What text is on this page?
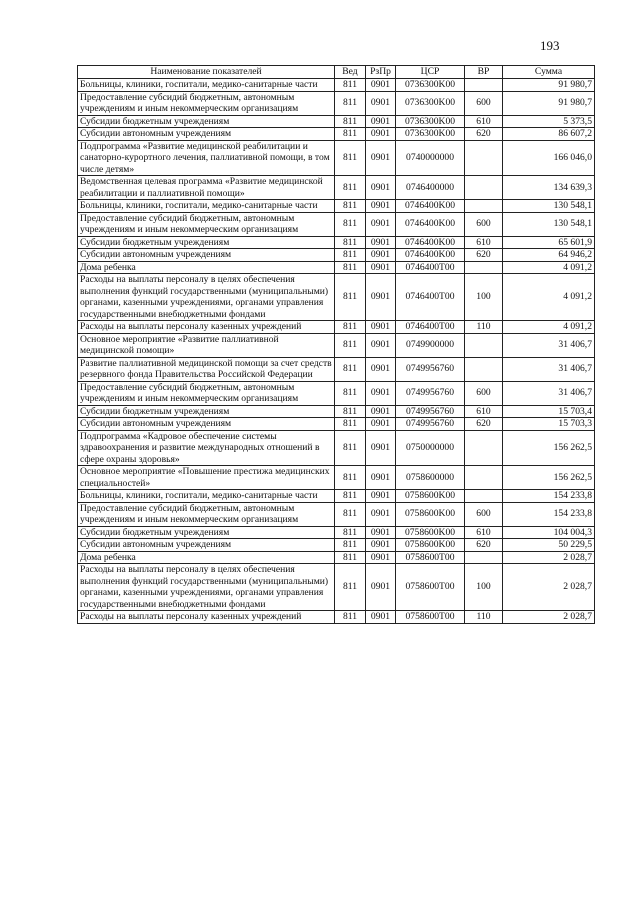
193
Наименование показателей	Вед	РзПр	ЦСР	ВР	Сумма
Больницы, клиники, госпитали, медико-санитарные части	811	0901	0736300K00		91 980,7
Предоставление субсидий бюджетным, автономным учреждениям и иным некоммерческим организациям	811	0901	0736300K00	600	91 980,7
Субсидии бюджетным учреждениям	811	0901	0736300K00	610	5 373,5
Субсидии автономным учреждениям	811	0901	0736300K00	620	86 607,2
Подпрограмма «Развитие медицинской реабилитации и санаторно-курортного лечения, паллиативной помощи, в том числе детям»	811	0901	0740000000		166 046,0
Ведомственная целевая программа «Развитие медицинской реабилитации и паллиативной помощи»	811	0901	0746400000		134 639,3
Больницы, клиники, госпитали, медико-санитарные части	811	0901	0746400K00		130 548,1
Предоставление субсидий бюджетным, автономным учреждениям и иным некоммерческим организациям	811	0901	0746400K00	600	130 548,1
Субсидии бюджетным учреждениям	811	0901	0746400K00	610	65 601,9
Субсидии автономным учреждениям	811	0901	0746400K00	620	64 946,2
Дома ребенка	811	0901	0746400T00		4 091,2
Расходы на выплаты персоналу в целях обеспечения выполнения функций государственными (муниципальными) органами, казенными учреждениями, органами управления государственными внебюджетными фондами	811	0901	0746400T00	100	4 091,2
Расходы на выплаты персоналу казенных учреждений	811	0901	0746400T00	110	4 091,2
Основное мероприятие «Развитие паллиативной медицинской помощи»	811	0901	0749900000		31 406,7
Развитие паллиативной медицинской помощи за счет средств резервного фонда Правительства Российской Федерации	811	0901	0749956760		31 406,7
Предоставление субсидий бюджетным, автономным учреждениям и иным некоммерческим организациям	811	0901	0749956760	600	31 406,7
Субсидии бюджетным учреждениям	811	0901	0749956760	610	15 703,4
Субсидии автономным учреждениям	811	0901	0749956760	620	15 703,3
Подпрограмма «Кадровое обеспечение системы здравоохранения и развитие международных отношений в сфере охраны здоровья»	811	0901	0750000000		156 262,5
Основное мероприятие «Повышение престижа медицинских специальностей»	811	0901	0758600000		156 262,5
Больницы, клиники, госпитали, медико-санитарные части	811	0901	0758600K00		154 233,8
Предоставление субсидий бюджетным, автономным учреждениям и иным некоммерческим организациям	811	0901	0758600K00	600	154 233,8
Субсидии бюджетным учреждениям	811	0901	0758600K00	610	104 004,3
Субсидии автономным учреждениям	811	0901	0758600K00	620	50 229,5
Дома ребенка	811	0901	0758600T00		2 028,7
Расходы на выплаты персоналу в целях обеспечения выполнения функций государственными (муниципальными) органами, казенными учреждениями, органами управления государственными внебюджетными фондами	811	0901	0758600T00	100	2 028,7
Расходы на выплаты персоналу казенных учреждений	811	0901	0758600T00	110	2 028,7
